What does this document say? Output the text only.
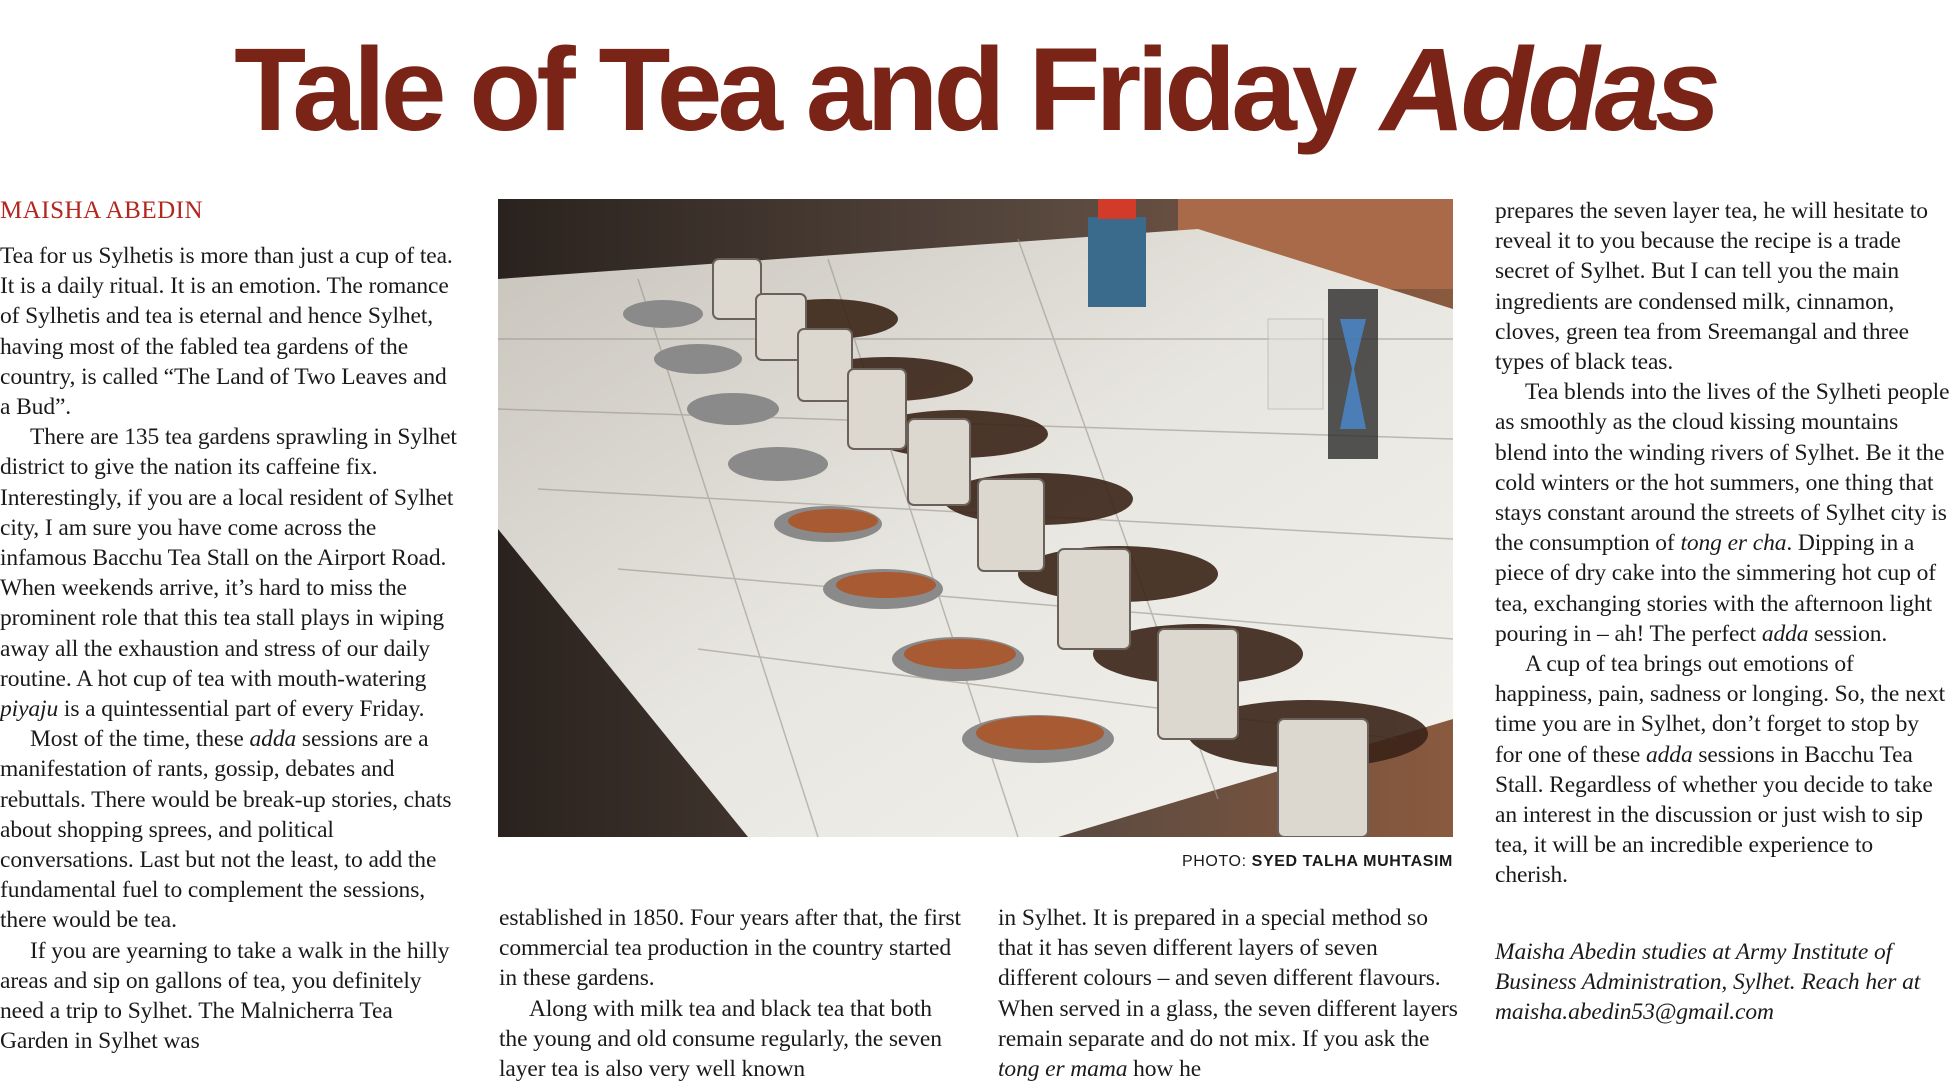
Tale of Tea and Friday Addas
MAISHA ABEDIN

Tea for us Sylhetis is more than just a cup of tea. It is a daily ritual. It is an emotion. The romance of Sylhetis and tea is eternal and hence Sylhet, having most of the fabled tea gardens of the country, is called “The Land of Two Leaves and a Bud”.

There are 135 tea gardens sprawling in Sylhet district to give the nation its caffeine fix. Interestingly, if you are a local resident of Sylhet city, I am sure you have come across the infamous Bacchu Tea Stall on the Airport Road. When weekends arrive, it’s hard to miss the prominent role that this tea stall plays in wiping away all the exhaustion and stress of our daily routine. A hot cup of tea with mouth-watering piyaju is a quintessential part of every Friday.

Most of the time, these adda sessions are a manifestation of rants, gossip, debates and rebuttals. There would be break-up stories, chats about shopping sprees, and political conversations. Last but not the least, to add the fundamental fuel to complement the sessions, there would be tea.

If you are yearning to take a walk in the hilly areas and sip on gallons of tea, you definitely need a trip to Sylhet. The Malnicherra Tea Garden in Sylhet was

PHOTO: SYED TALHA MUHTASIM

established in 1850. Four years after that, the first commercial tea production in the country started in these gardens.

Along with milk tea and black tea that both the young and old consume regularly, the seven layer tea is also very well known

in Sylhet. It is prepared in a special method so that it has seven different layers of seven different colours – and seven different flavours. When served in a glass, the seven different layers remain separate and do not mix. If you ask the tong er mama how he

prepares the seven layer tea, he will hesitate to reveal it to you because the recipe is a trade secret of Sylhet. But I can tell you the main ingredients are condensed milk, cinnamon, cloves, green tea from Sreemangal and three types of black teas.

Tea blends into the lives of the Sylheti people as smoothly as the cloud kissing mountains blend into the winding rivers of Sylhet. Be it the cold winters or the hot summers, one thing that stays constant around the streets of Sylhet city is the consumption of tong er cha. Dipping in a piece of dry cake into the simmering hot cup of tea, exchanging stories with the afternoon light pouring in – ah! The perfect adda session.

A cup of tea brings out emotions of happiness, pain, sadness or longing. So, the next time you are in Sylhet, don’t forget to stop by for one of these adda sessions in Bacchu Tea Stall. Regardless of whether you decide to take an interest in the discussion or just wish to sip tea, it will be an incredible experience to cherish.

Maisha Abedin studies at Army Institute of Business Administration, Sylhet. Reach her at maisha.abedin53@gmail.com
